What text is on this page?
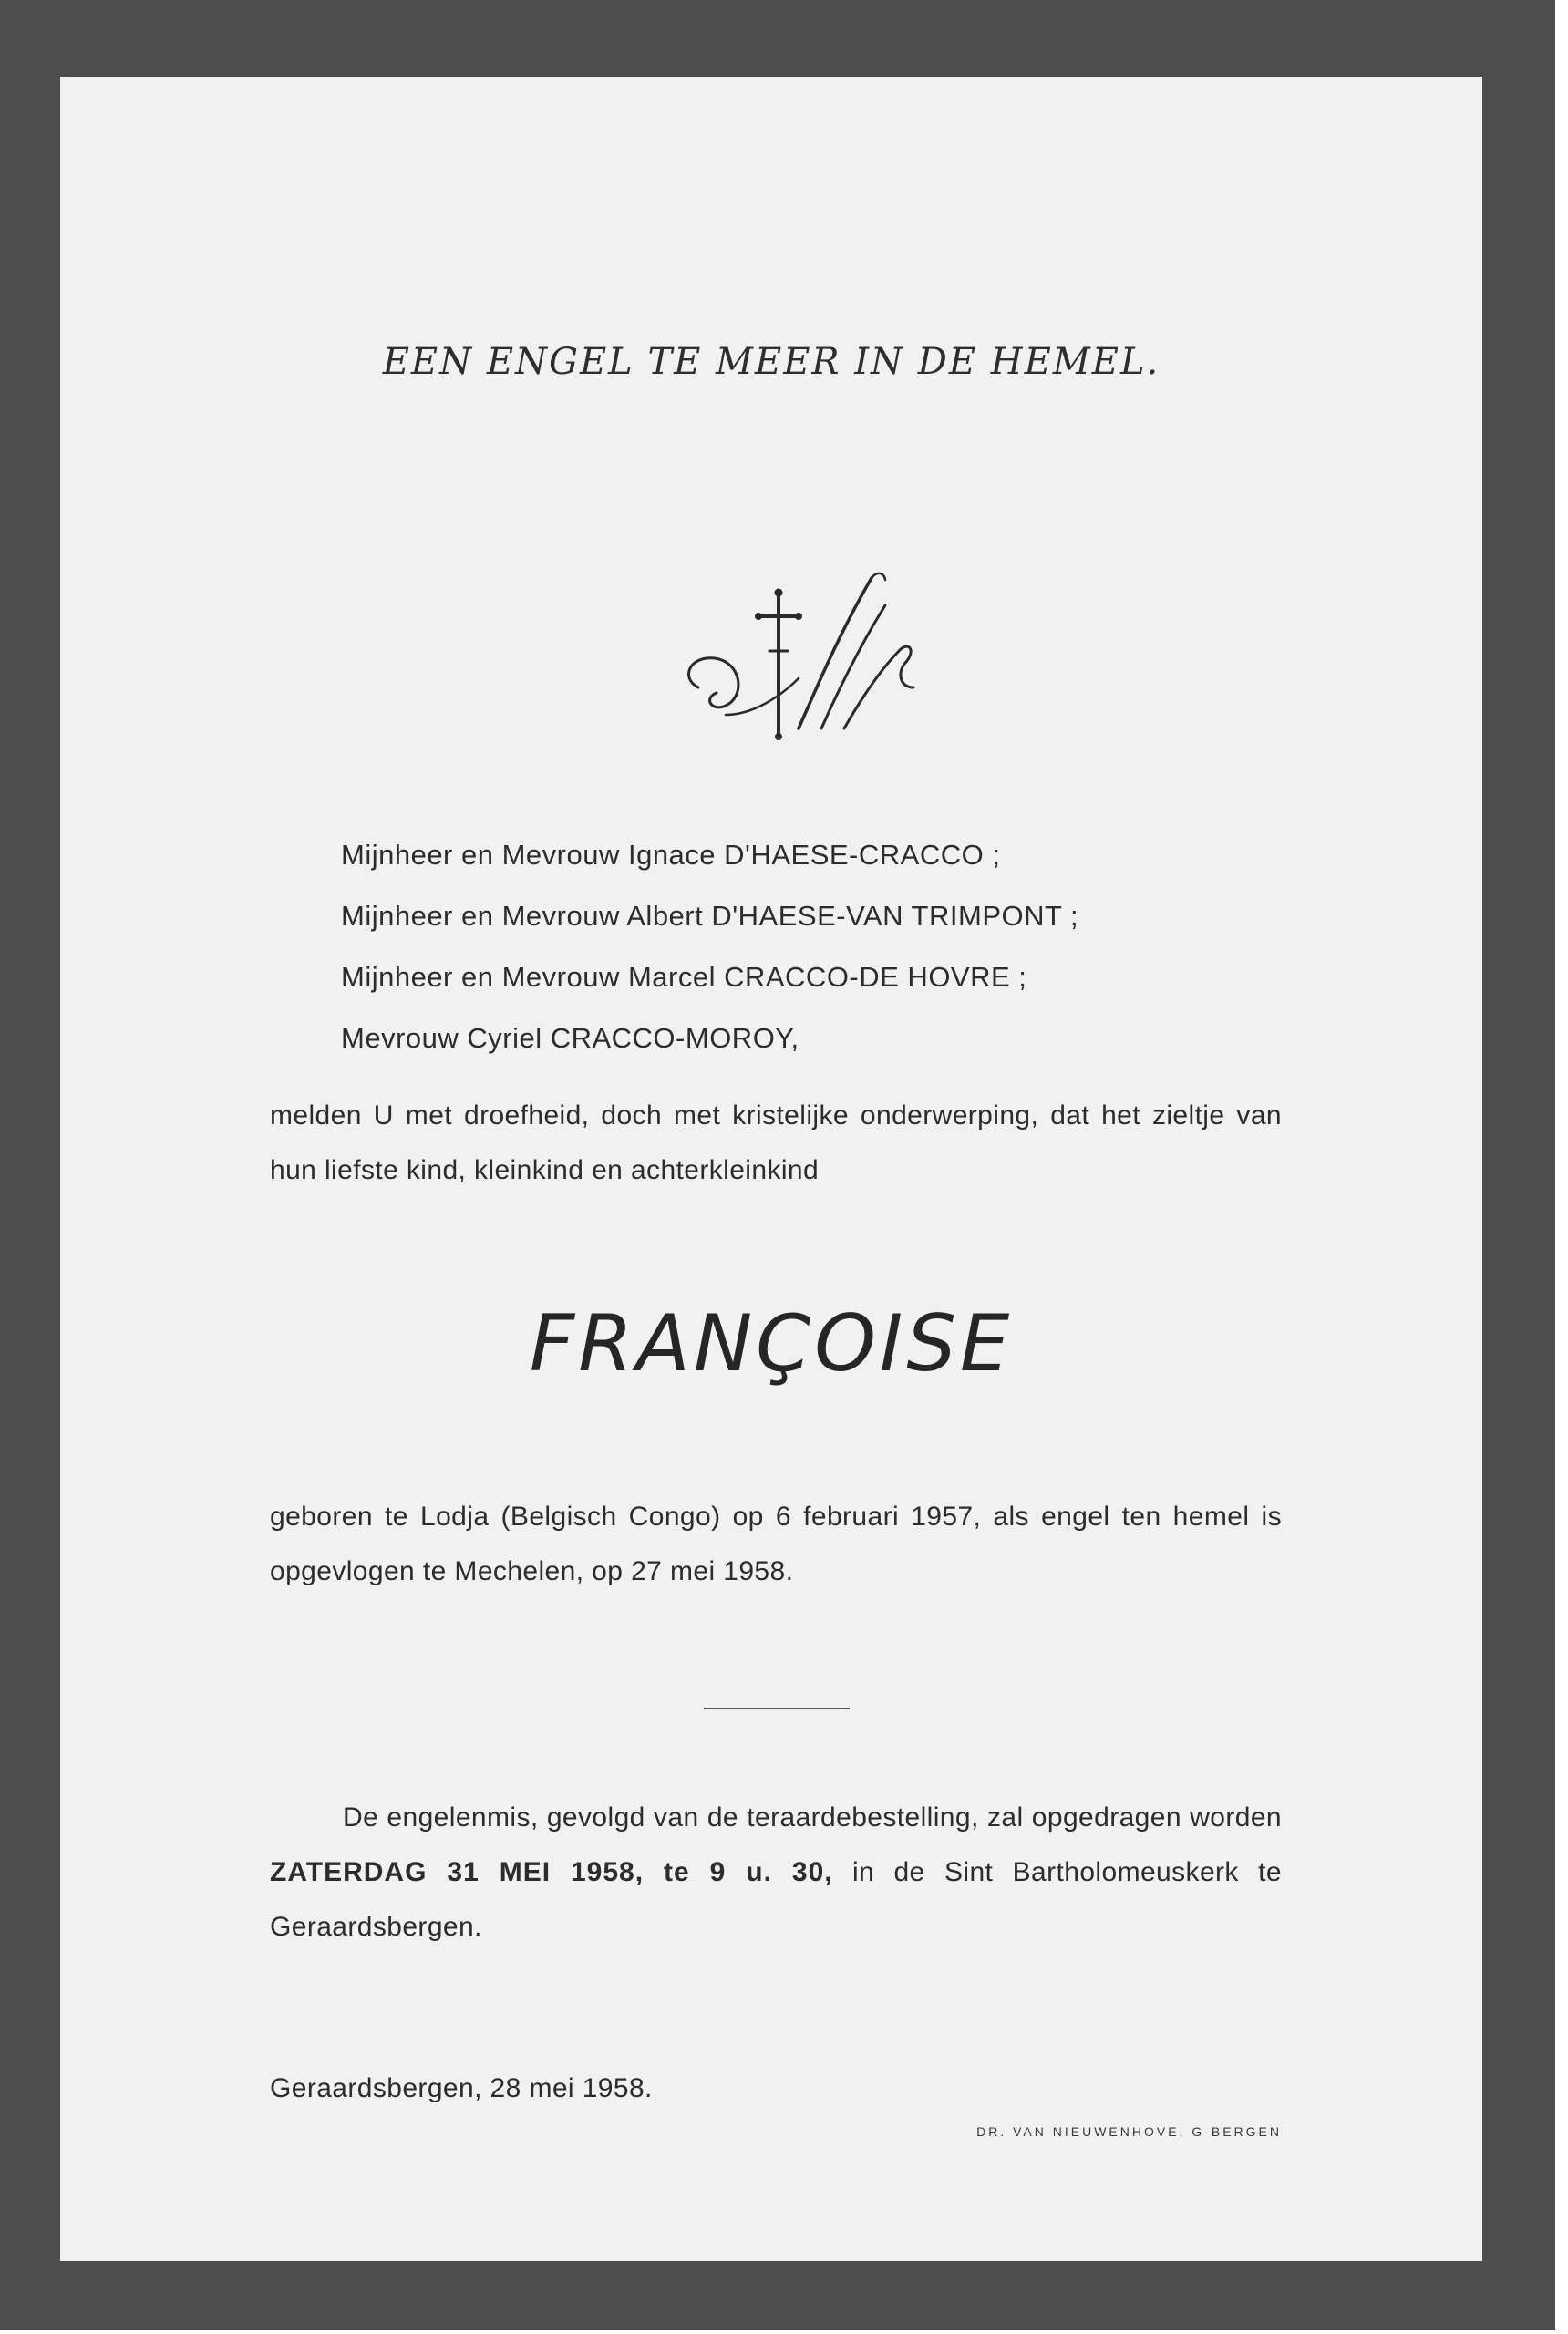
EEN ENGEL TE MEER IN DE HEMEL.
Mijnheer en Mevrouw Ignace D'HAESE-CRACCO ;
Mijnheer en Mevrouw Albert D'HAESE-VAN TRIMPONT ;
Mijnheer en Mevrouw Marcel CRACCO-DE HOVRE ;
Mevrouw Cyriel CRACCO-MOROY,
melden U met droefheid, doch met kristelijke onderwerping, dat het zieltje van hun liefste kind, kleinkind en achterkleinkind
FRANÇOISE
geboren te Lodja (Belgisch Congo) op 6 februari 1957, als engel ten hemel is opgevlogen te Mechelen, op 27 mei 1958.
De engelenmis, gevolgd van de teraardebestelling, zal opgedragen worden ZATERDAG 31 MEI 1958, te 9 u. 30, in de Sint Bartholomeuskerk te Geraardsbergen.
Geraardsbergen, 28 mei 1958.
DR. VAN NIEUWENHOVE, G-BERGEN
